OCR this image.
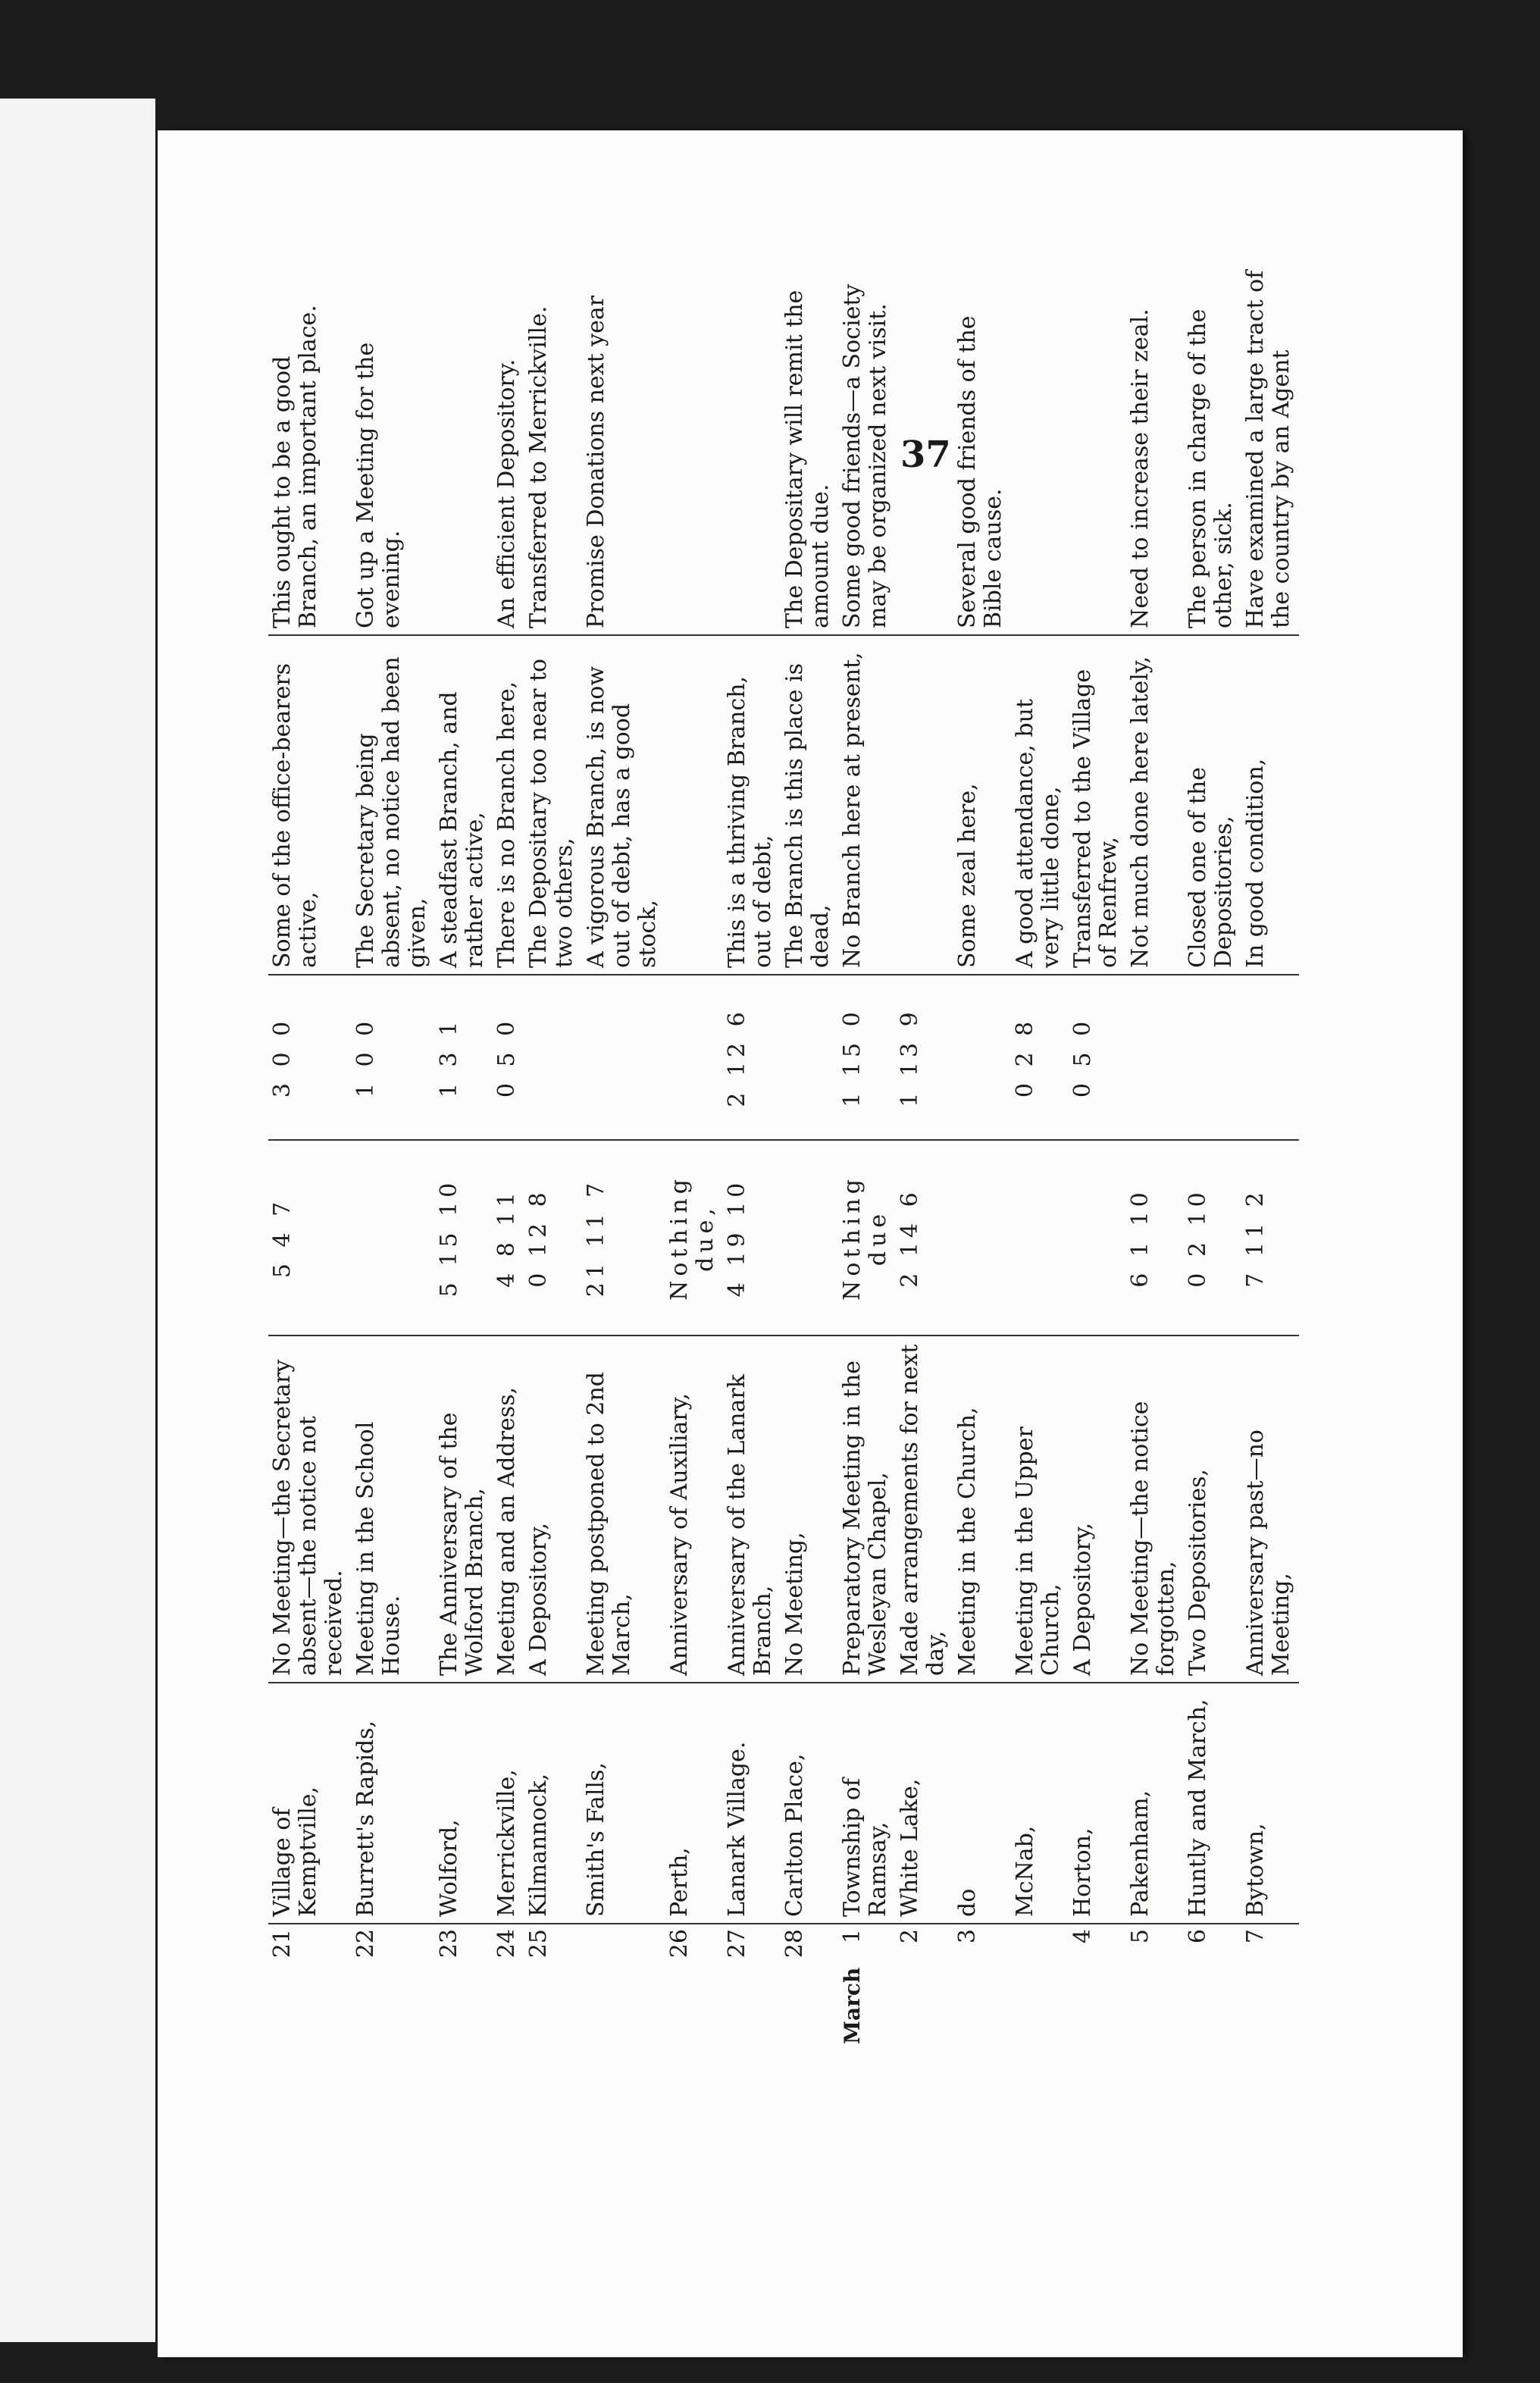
37
	21	Village of Kemptville,	No Meeting—the Secretary absent—the notice not received.	5 4 7	3 0 0	Some of the office-bearers active,	This ought to be a good Branch, an important place.
	22	Burrett's Rapids,	Meeting in the School House.		1 0 0	The Secretary being absent, no notice had been given,	Got up a Meeting for the evening.
	23	Wolford,	The Anniversary of the Wolford Branch,	5 15 10	1 3 1	A steadfast Branch, and rather active,	
	24	Merrickville,	Meeting and an Address,	4 8 11	0 5 0	There is no Branch here,	An efficient Depository.
	25	Kilmannock,	A Depository,	0 12 8		The Depositary too near to two others,	Transferred to Merrickville.
		Smith's Falls,	Meeting postponed to 2nd March,	21 11 7		A vigorous Branch, is now out of debt, has a good stock,	Promise Donations next year
	26	Perth,	Anniversary of Auxiliary,	Nothing due,			
	27	Lanark Village.	Anniversary of the Lanark Branch,	4 19 10	2 12 6	This is a thriving Branch, out of debt,	
	28	Carlton Place,	No Meeting,			The Branch is this place is dead,	The Depositary will remit the amount due.
March	1	Township of Ramsay,	Preparatory Meeting in the Wesleyan Chapel,	Nothing due	1 15 0	No Branch here at present,	Some good friends—a Society may be organized next visit.
	2	White Lake,	Made arrangements for next day,	2 14 6	1 13 9		
	3	do	Meeting in the Church,			Some zeal here,	Several good friends of the Bible cause.
		McNab,	Meeting in the Upper Church,		0 2 8	A good attendance, but very little done,	
	4	Horton,	A Depository,		0 5 0	Transferred to the Village of Renfrew,	
	5	Pakenham,	No Meeting—the notice forgotten,	6 1 10		Not much done here lately,	Need to increase their zeal.
	6	Huntly and March,	Two Depositories,	0 2 10		Closed one of the Depositories,	The person in charge of the other, sick.
	7	Bytown,	Anniversary past—no Meeting,	7 11 2		In good condition,	Have examined a large tract of the country by an Agent
